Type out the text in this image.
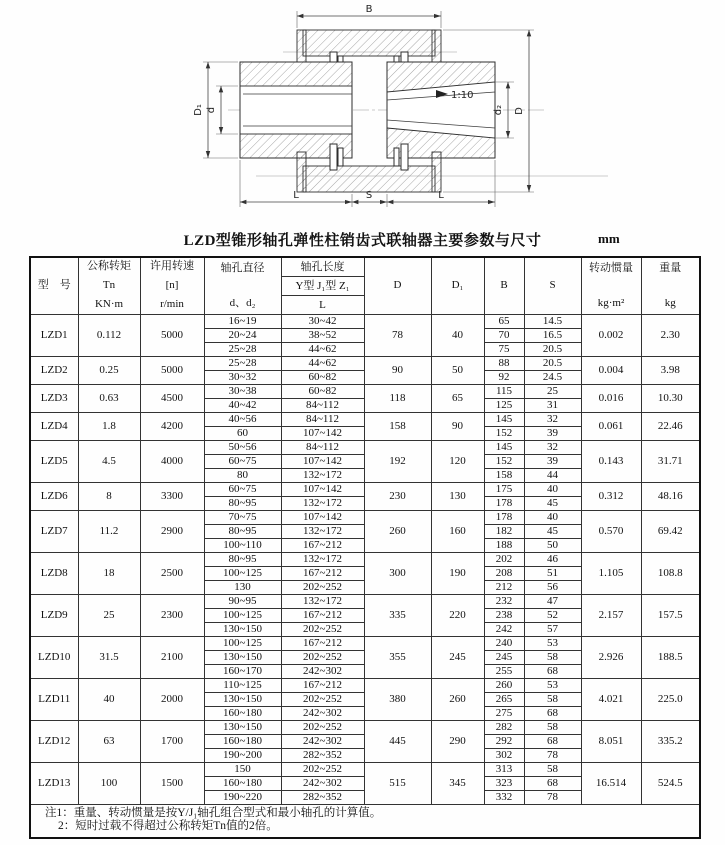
1:10
B
D
d₂
D₁ d
L	S	L
LZD型锥形轴孔弹性柱销齿式联轴器主要参数与尺寸	mm
型　号

公称转矩
Tn
KN·m

许用转速
[n]
r/min

轴孔直径
d、d₂

轴孔长度
Y型 J₁型 Z₁
L

D	D₁	B	S

转动惯量
kg·m²

重量
kg

LZD1	0.112	5000	16~19	30~42	78	40	65	14.5	0.002	2.30
			20~24	38~52			70	16.5		
			25~28	44~62			75	20.5		
LZD2	0.25	5000	25~28	44~62	90	50	88	20.5	0.004	3.98
			30~32	60~82			92	24.5		
LZD3	0.63	4500	30~38	60~82	118	65	115	25	0.016	10.30
			40~42	84~112			125	31		
LZD4	1.8	4200	40~56	84~112	158	90	145	32	0.061	22.46
			60	107~142			152	39		
LZD5	4.5	4000	50~56	84~112	192	120	145	32	0.143	31.71
			60~75	107~142			152	39		
			80	132~172			158	44		
LZD6	8	3300	60~75	107~142	230	130	175	40	0.312	48.16
			80~95	132~172			178	45		
LZD7	11.2	2900	70~75	107~142	260	160	178	40	0.570	69.42
			80~95	132~172			182	45		
			100~110	167~212			188	50		
LZD8	18	2500	80~95	132~172	300	190	202	46	1.105	108.8
			100~125	167~212			208	51		
			130	202~252			212	56		
LZD9	25	2300	90~95	132~172	335	220	232	47	2.157	157.5
			100~125	167~212			238	52		
			130~150	202~252			242	57		
LZD10	31.5	2100	100~125	167~212	355	245	240	53	2.926	188.5
			130~150	202~252			245	58		
			160~170	242~302			255	68		
LZD11	40	2000	110~125	167~212	380	260	260	53	4.021	225.0
			130~150	202~252			265	58		
			160~180	242~302			275	68		
LZD12	63	1700	130~150	202~252	445	290	282	58	8.051	335.2
			160~180	242~302			292	68		
			190~200	282~352			302	78		
LZD13	100	1500	150	202~252	515	345	313	58	16.514	524.5
			160~180	242~302			323	68		
			190~220	282~352			332	78		

注1：重量、转动惯量是按Y/J₁轴孔组合型式和最小轴孔的计算值。
2：短时过载不得超过公称转矩Tn值的2倍。										
